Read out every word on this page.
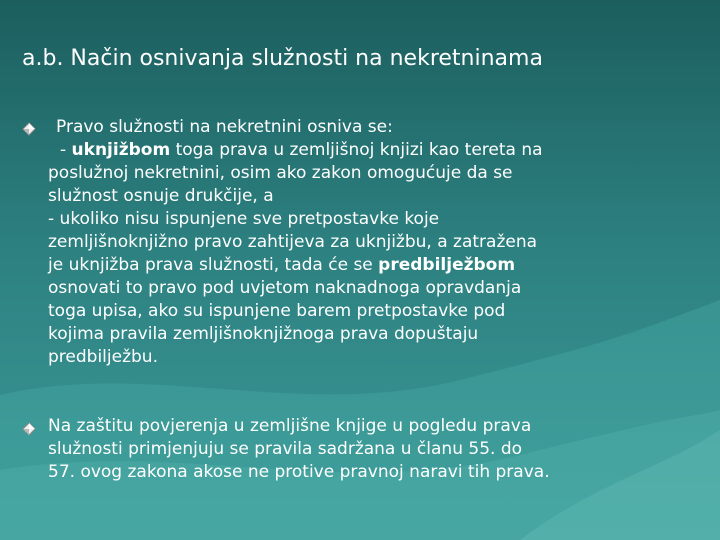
a.b. Način osnivanja služnosti na nekretninama
Pravo služnosti na nekretnini osniva se:
- uknjižbom toga prava u zemljišnoj knjizi kao tereta na
poslužnoj nekretnini, osim ako zakon omogućuje da se
služnost osnuje drukčije, a
- ukoliko nisu ispunjene sve pretpostavke koje
zemljišnoknjižno pravo zahtijeva za uknjižbu, a zatražena
je uknjižba prava služnosti, tada će se predbilježbom
osnovati to pravo pod uvjetom naknadnoga opravdanja
toga upisa, ako su ispunjene barem pretpostavke pod
kojima pravila zemljišnoknjižnoga prava dopuštaju
predbilježbu.
Na zaštitu povjerenja u zemljišne knjige u pogledu prava
služnosti primjenjuju se pravila sadržana u članu 55. do
57. ovog zakona akose ne protive pravnoj naravi tih prava.
